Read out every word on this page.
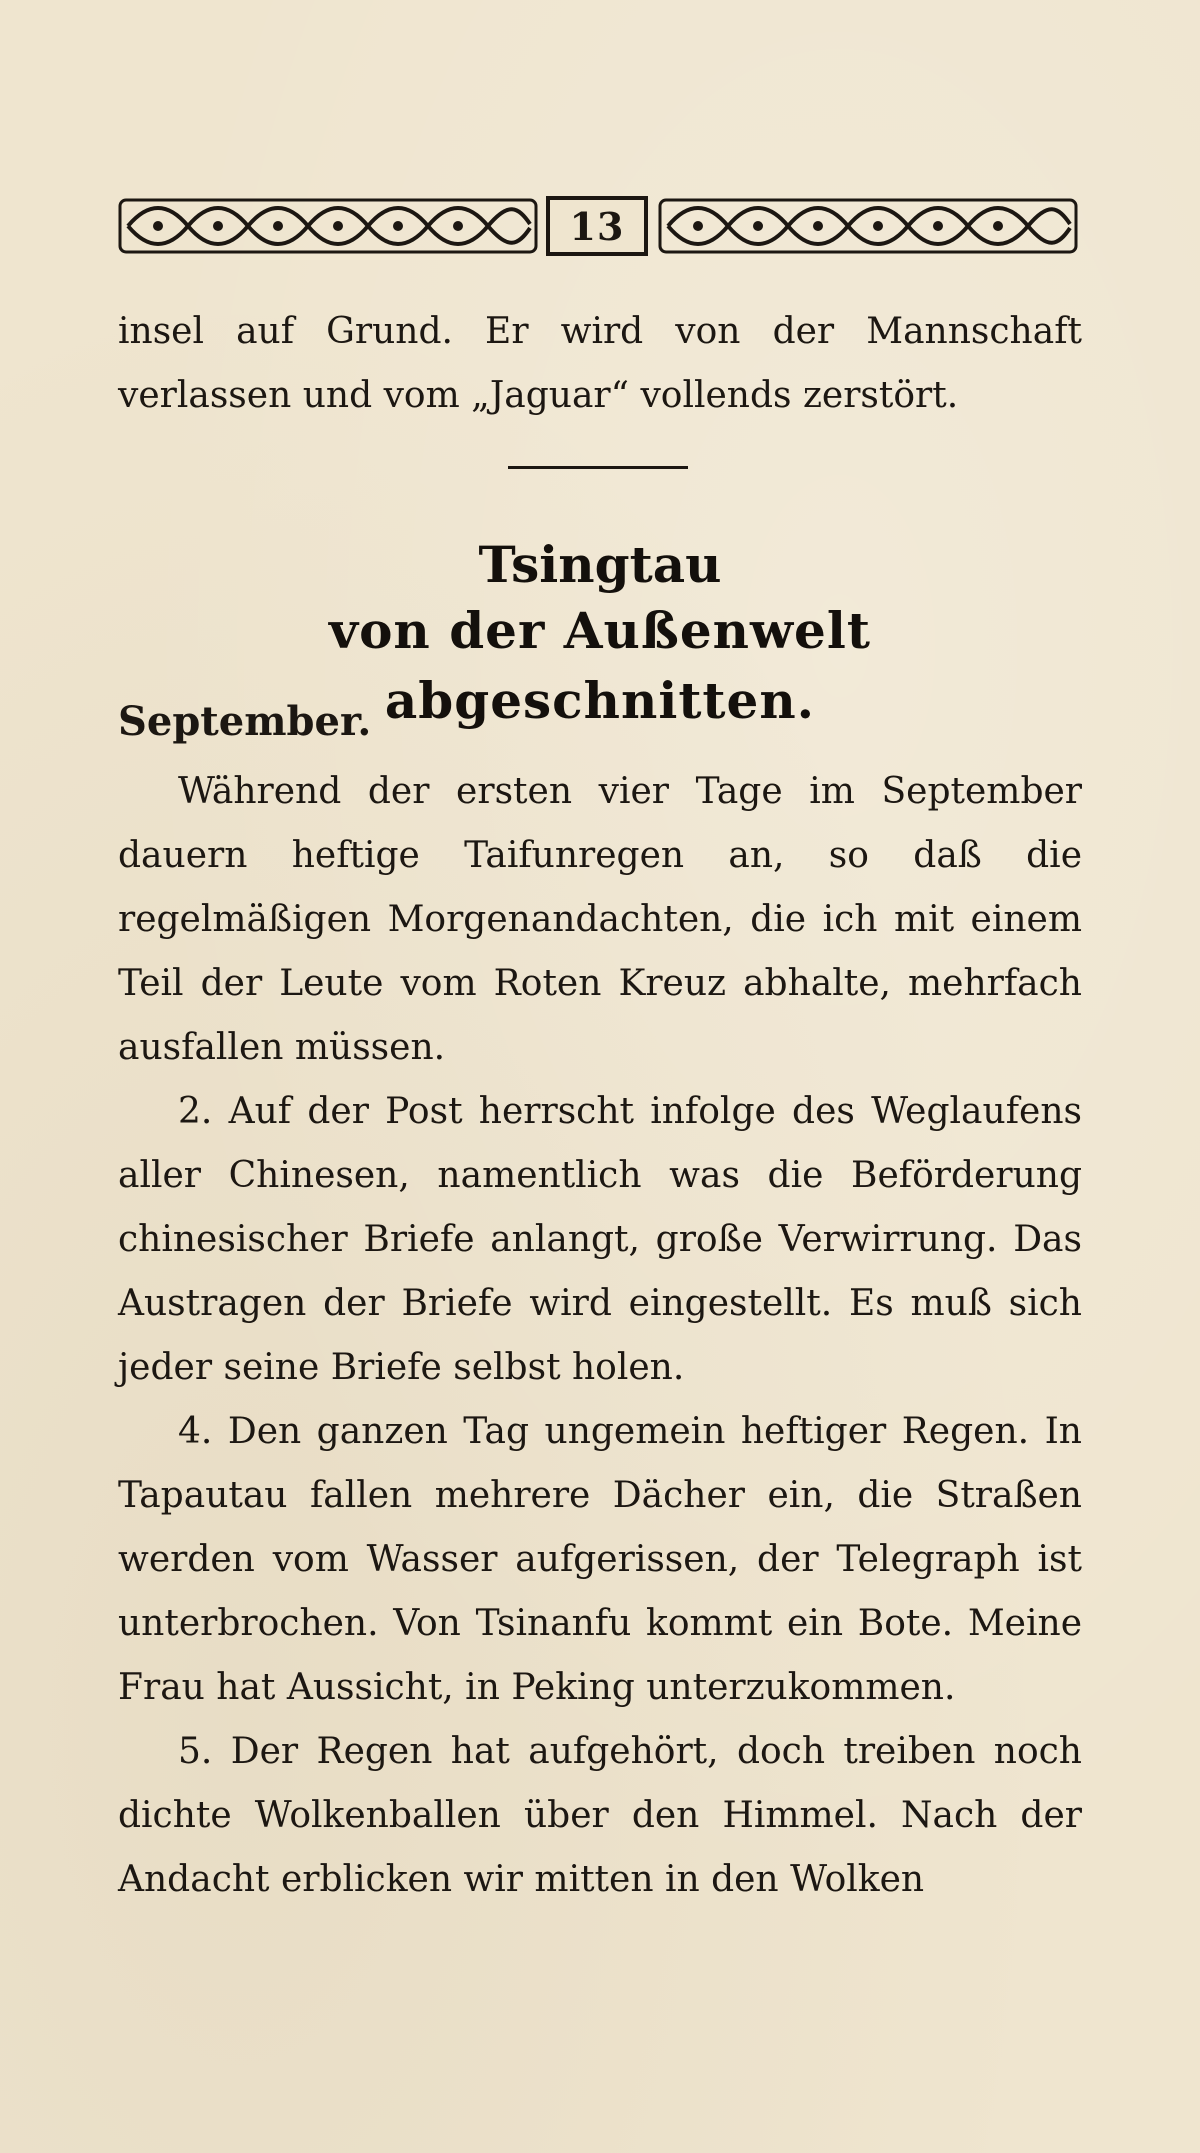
13

insel auf Grund. Er wird von der Mannschaft verlassen und vom „Jaguar“ vollends zerstört.

Tsingtau
von der Außenwelt abgeschnitten.
September.

Während der ersten vier Tage im September dauern heftige Taifunregen an, so daß die regelmäßigen Morgenandachten, die ich mit einem Teil der Leute vom Roten Kreuz abhalte, mehrfach ausfallen müssen.

2. Auf der Post herrscht infolge des Weglaufens aller Chinesen, namentlich was die Beförderung chinesischer Briefe anlangt, große Verwirrung. Das Austragen der Briefe wird eingestellt. Es muß sich jeder seine Briefe selbst holen.

4. Den ganzen Tag ungemein heftiger Regen. In Tapautau fallen mehrere Dächer ein, die Straßen werden vom Wasser aufgerissen, der Telegraph ist unterbrochen. Von Tsinanfu kommt ein Bote. Meine Frau hat Aussicht, in Peking unterzukommen.

5. Der Regen hat aufgehört, doch treiben noch dichte Wolkenballen über den Himmel. Nach der Andacht erblicken wir mitten in den Wolken
